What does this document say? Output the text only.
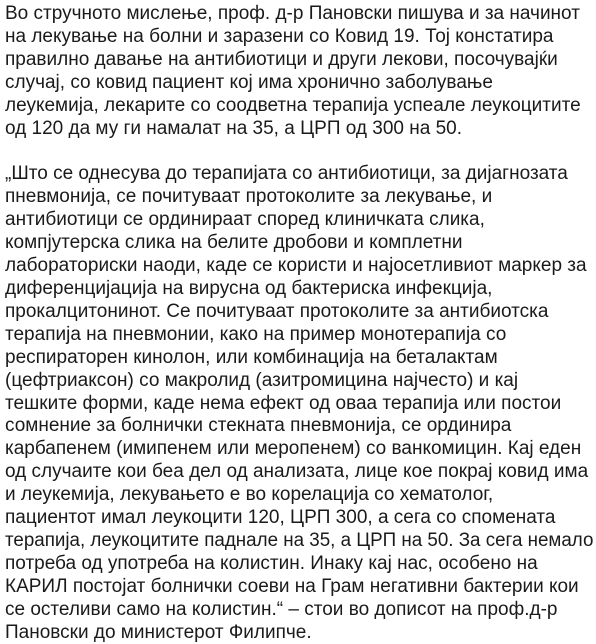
Во стручното мислење, проф. д-р Пановски пишува и за начинот
на лекување на болни и заразени со Ковид 19. Тој констатира
правилно давање на антибиотици и други лекови, посочувајќи
случај, со ковид пациент кој има хронично заболување
леукемија, лекарите со соодветна терапија успеале леукоцитите
од 120 да му ги намалат на 35, а ЦРП од 300 на 50.

„Што се однесува до терапијата со антибиотици, за дијагнозата
пневмонија, се почитуваат протоколите за лекување, и
антибиотици се ординираат според клиничката слика,
компјутерска слика на белите дробови и комплетни
лабораториски наоди, каде се користи и најосетливиот маркер за
диференцијација на вирусна од бактериска инфекција,
прокалцитонинот. Се почитуваат протоколите за антибиотска
терапија на пневмонии, како на пример монотерапија со
респираторен кинолон, или комбинација на беталактам
(цефтриаксон) со макролид (азитромицина најчесто) и кај
тешките форми, каде нема ефект од оваа терапија или постои
сомнение за болнички стекната пневмонија, се ординира
карбапенем (имипенем или меропенем) со ванкомицин. Кај еден
од случаите кои беа дел од анализата, лице кое покрај ковид има
и леукемија, лекувањето е во корелација со хематолог,
пациентот имал леукоцити 120, ЦРП 300, а сега со спомената
терапија, леукоцитите паднале на 35, а ЦРП на 50. За сега немало
потреба од употреба на колистин. Инаку кај нас, особено на
КАРИЛ постојат болнички соеви на Грам негативни бактерии кои
се остеливи само на колистин.“ – стои во дописот на проф.д-р
Пановски до министерот Филипче.
